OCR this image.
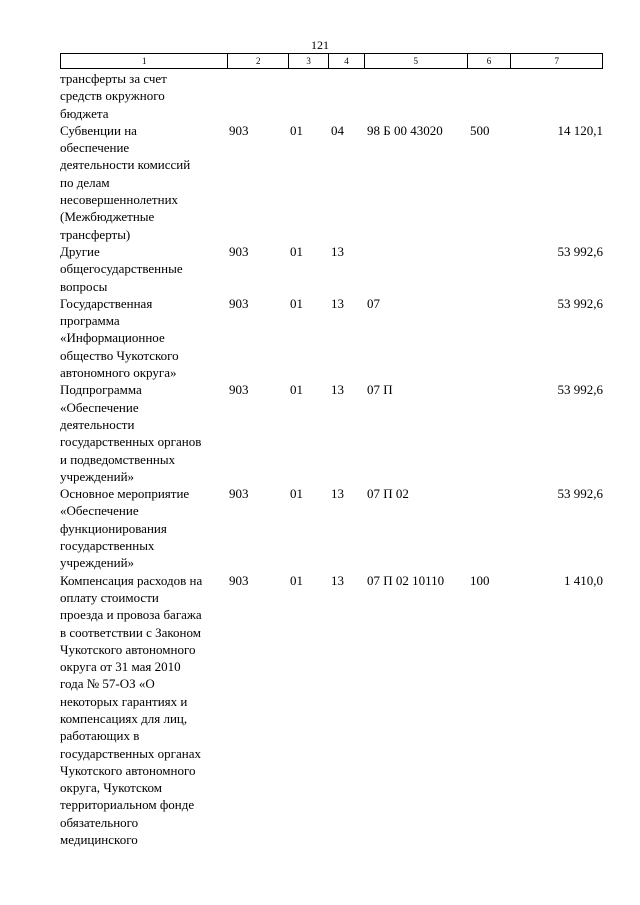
121
1	2	3	4	5	6	7
трансферты за счет
средств окружного
бюджета
Субвенции на
обеспечение
деятельности комиссий
по делам
несовершеннолетних
(Межбюджетные
трансферты)
903	01 04 98 Б 00 43020 500	14 120,1
Другие
общегосударственные
вопросы
903	01 13	53 992,6
Государственная
программа
«Информационное
общество Чукотского
автономного округа»
903	01 13 07	53 992,6
Подпрограмма
«Обеспечение
деятельности
государственных органов
и подведомственных
учреждений»
903	01 13 07 П	53 992,6
Основное мероприятие
«Обеспечение
функционирования
государственных
учреждений»
903	01 13 07 П 02	53 992,6
Компенсация расходов на
оплату стоимости
проезда и провоза багажа
в соответствии с Законом
Чукотского автономного
округа от 31 мая 2010
года № 57-ОЗ «О
некоторых гарантиях и
компенсациях для лиц,
работающих в
государственных органах
Чукотского автономного
округа, Чукотском
территориальном фонде
обязательного
медицинского
903	01 13 07 П 02 10110 100	1 410,0
